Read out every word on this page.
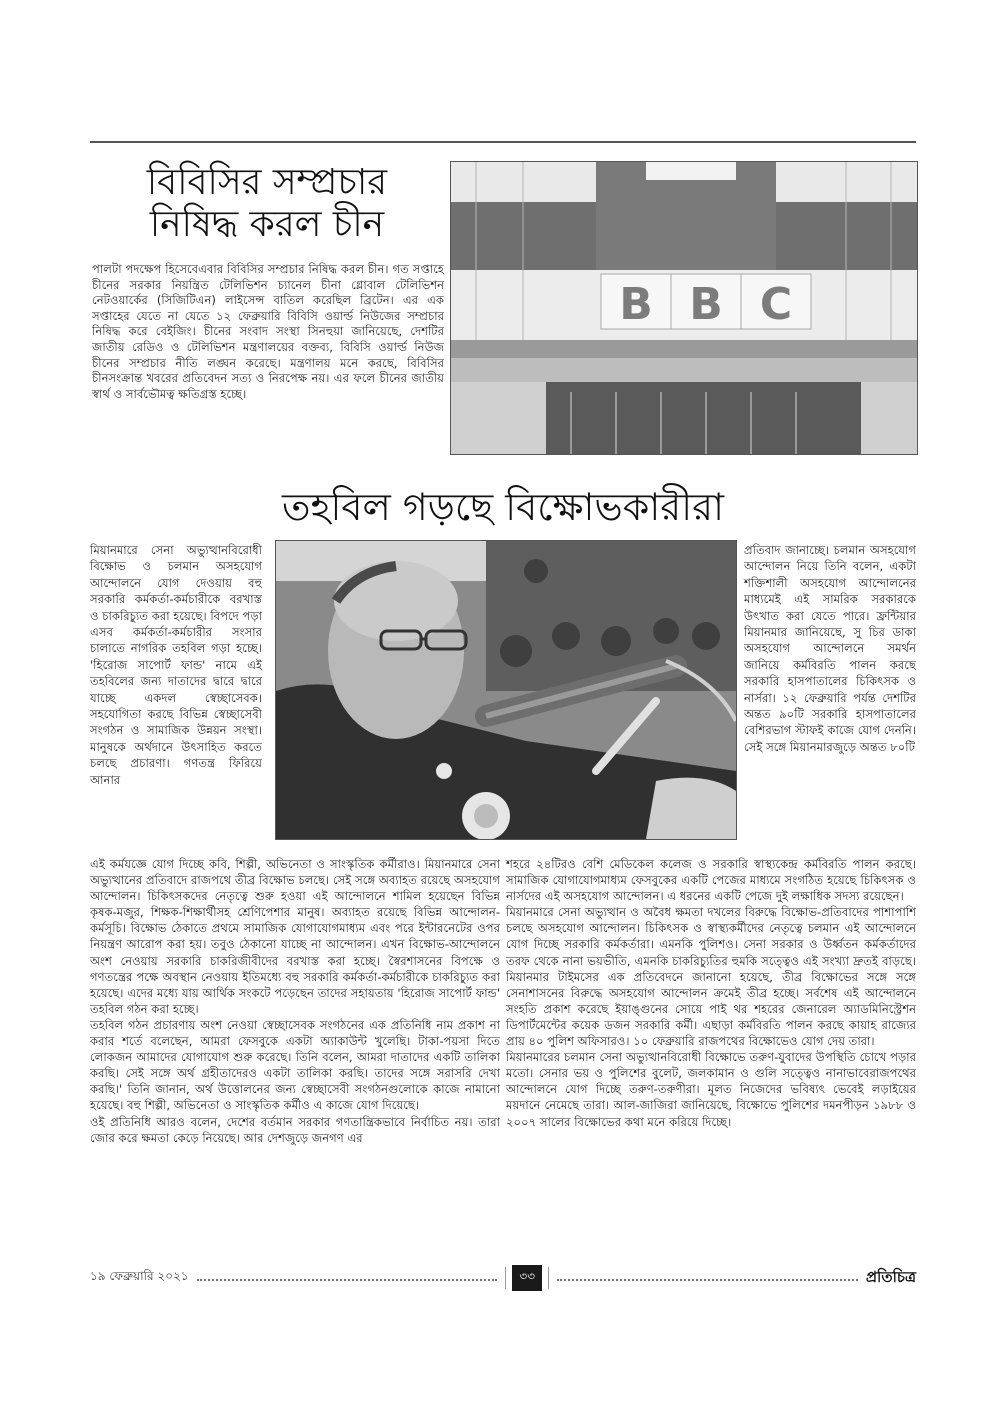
বিবিসির সম্প্রচার
নিষিদ্ধ করল চীন
পালটা পদক্ষেপ হিসেবেএবার বিবিসির সম্প্রচার নিষিদ্ধ করল চীন। গত সপ্তাহে চীনের সরকার নিয়ন্ত্রিত টেলিভিশন চ্যানেল চীনা গ্লোবাল টেলিভিশন নেটওয়ার্কের (সিজিটিএন) লাইসেন্স বাতিল করেছিল ব্রিটেন। এর এক সপ্তাহের যেতে না যেতে ১২ ফেব্রুয়ারি বিবিসি ওয়ার্ল্ড নিউজের সম্প্রচার নিষিদ্ধ করে বেইজিং। চীনের সংবাদ সংস্থা সিনহুয়া জানিয়েছে, দেশটির জাতীয় রেডিও ও টেলিভিশন মন্ত্রণালয়ের বক্তব্য, বিবিসি ওয়ার্ল্ড নিউজ চীনের সম্প্রচার নীতি লঙ্ঘন করেছে। মন্ত্রণালয় মনে করছে, বিবিসির চীনসংক্রান্ত খবরের প্রতিবেদন সত্য ও নিরপেক্ষ নয়। এর ফলে চীনের জাতীয় স্বার্থ ও সার্বভৌমত্ব ক্ষতিগ্রস্ত হচ্ছে।
B B C
তহবিল গড়ছে বিক্ষোভকারীরা
মিয়ানমারে সেনা অভ্যুত্থানবিরোধী বিক্ষোভ ও চলমান অসহযোগ আন্দোলনে যোগ দেওয়ায় বহু সরকারি কর্মকর্তা-কর্মচারীকে বরখাস্ত ও চাকরিচ্যুত করা হয়েছে। বিপদে পড়া এসব কর্মকর্তা-কর্মচারীর সংসার চালাতে নাগরিক তহবিল গড়া হচ্ছে। 'হিরোজ সাপোর্ট ফান্ড' নামে এই তহবিলের জন্য দাতাদের দ্বারে দ্বারে যাচ্ছে একদল স্বেচ্ছাসেবক। সহযোগিতা করছে বিভিন্ন স্বেচ্ছাসেবী সংগঠন ও সামাজিক উন্নয়ন সংস্থা। মানুষকে অর্থদানে উৎসাহিত করতে চলছে প্রচারণা। গণতন্ত্র ফিরিয়ে আনার
প্রতিবাদ জানাচ্ছে। চলমান অসহযোগ আন্দোলন নিয়ে তিনি বলেন, একটা শক্তিশালী অসহযোগ আন্দোলনের মাধ্যমেই এই সামরিক সরকারকে উৎখাত করা যেতে পারে। ফ্রন্টিয়ার মিয়ানমার জানিয়েছে, সু চির ডাকা অসহযোগ আন্দোলনে সমর্থন জানিয়ে কর্মবিরতি পালন করছে সরকারি হাসপাতালের চিকিৎসক ও নার্সরা। ১২ ফেব্রুয়ারি পর্যন্ত দেশটির অন্তত ৯০টি সরকারি হাসপাতালের বেশিরভাগ স্টাফই কাজে যোগ দেননি। সেই সঙ্গে মিয়ানমারজুড়ে অন্তত ৮০টি

এই কর্মযজ্ঞে যোগ দিচ্ছে কবি, শিল্পী, অভিনেতা ও সাংস্কৃতিক কর্মীরাও। মিয়ানমারে সেনা অভ্যুত্থানের প্রতিবাদে রাজপথে তীব্র বিক্ষোভ চলছে। সেই সঙ্গে অব্যাহত রয়েছে অসহযোগ আন্দোলন। চিকিৎসকদের নেতৃত্বে শুরু হওয়া এই আন্দোলনে শামিল হয়েছেন বিভিন্ন কৃষক-মজুর, শিক্ষক-শিক্ষার্থীসহ শ্রেণিপেশার মানুষ। অব্যাহত রয়েছে বিভিন্ন আন্দোলন-কর্মসূচি। বিক্ষোভ ঠেকাতে প্রথমে সামাজিক যোগাযোগমাধ্যম এবং পরে ইন্টারনেটের ওপর নিয়ন্ত্রণ আরোপ করা হয়। তবুও ঠেকানো যাচ্ছে না আন্দোলন। এখন বিক্ষোভ-আন্দোলনে অংশ নেওয়ায় সরকারি চাকরিজীবীদের বরখাস্ত করা হচ্ছে। স্বৈরশাসনের বিপক্ষে ও গণতন্ত্রের পক্ষে অবস্থান নেওয়ায় ইতিমধ্যে বহু সরকারি কর্মকর্তা-কর্মচারীকে চাকরিচ্যুত করা হয়েছে। এদের মধ্যে যায় আর্থিক সংকটে পড়েছেন তাদের সহায়তায় 'হিরোজ সাপোর্ট ফান্ড' তহবিল গঠন করা হচ্ছে।

তহবিল গঠন প্রচারণায় অংশ নেওয়া স্বেচ্ছাসেবক সংগঠনের এক প্রতিনিধি নাম প্রকাশ না করার শর্তে বলেছেন, আমরা ফেসবুকে একটা অ্যাকাউন্ট খুলেছি। টাকা-পয়সা দিতে লোকজন আমাদের যোগাযোগ শুরু করেছে। তিনি বলেন, আমরা দাতাদের একটি তালিকা করছি। সেই সঙ্গে অর্থ গ্রহীতাদেরও একটা তালিকা করছি। তাদের সঙ্গে সরাসরি দেখা করছি।' তিনি জানান, অর্থ উত্তোলনের জন্য স্বেচ্ছাসেবী সংগঠনগুলোকে কাজে নামানো হয়েছে। বহু শিল্পী, অভিনেতা ও সাংস্কৃতিক কর্মীও এ কাজে যোগ দিয়েছে।

ওই প্রতিনিধি আরও বলেন, দেশের বর্তমান সরকার গণতান্ত্রিকভাবে নির্বাচিত নয়। তারা জোর করে ক্ষমতা কেড়ে নিয়েছে। আর দেশজুড়ে জনগণ এর

শহরে ২৪টিরও বেশি মেডিকেল কলেজ ও সরকারি স্বাস্থ্যকেন্দ্র কর্মবিরতি পালন করছে। সামাজিক যোগাযোগমাধ্যম ফেসবুকের একটি পেজের মাধ্যমে সংগঠিত হয়েছে চিকিৎসক ও নার্সদের এই অসহযোগ আন্দোলন। এ ধরনের একটি পেজে দুই লক্ষাধিক সদস্য রয়েছেন।

মিয়ানমারে সেনা অভ্যুত্থান ও অবৈধ ক্ষমতা দখলের বিরুদ্ধে বিক্ষোভ-প্রতিবাদের পাশাপাশি চলছে অসহযোগ আন্দোলন। চিকিৎসক ও স্বাস্থ্যকর্মীদের নেতৃত্বে চলমান এই আন্দোলনে যোগ দিচ্ছে সরকারি কর্মকর্তারা। এমনকি পুলিশও। সেনা সরকার ও উর্ধ্বতন কর্মকর্তাদের তরফ থেকে নানা ভয়ভীতি, এমনকি চাকরিচ্যুতির হুমকি সত্ত্বেও এই সংখ্যা দ্রুতই বাড়ছে। মিয়ানমার টাইমসের এক প্রতিবেদনে জানানো হয়েছে, তীব্র বিক্ষোভের সঙ্গে সঙ্গে সেনাশাসনের বিরুদ্ধে অসহযোগ আন্দোলন ক্রমেই তীব্র হচ্ছে। সর্বশেষ এই আন্দোলনে সংহতি প্রকাশ করেছে ইয়াঙ্গুনের সোয়ে পাই থর শহরের জেনারেল অ্যাডমিনিস্ট্রেশন ডিপার্টমেন্টের কয়েক ডজন সরকারি কর্মী। এছাড়া কর্মবিরতি পালন করছে কায়াহ রাজ্যের প্রায় ৪০ পুলিশ অফিসারও। ১০ ফেব্রুয়ারি রাজপথের বিক্ষোভেও যোগ দেয় তারা।

মিয়ানমারের চলমান সেনা অভ্যুত্থানবিরোধী বিক্ষোভে তরুণ-যুবাদের উপস্থিতি চোখে পড়ার মতো। সেনার ভয় ও পুলিশের বুলেট, জলকামান ও গুলি সত্ত্বেও নানাভাবেরাজপথের আন্দোলনে যোগ দিচ্ছে তরুণ-তরুণীরা। মূলত নিজেদের ভবিষ্যৎ ভেবেই লড়াইয়ের ময়দানে নেমেছে তারা। আল-জাজিরা জানিয়েছে, বিক্ষোভে পুলিশের দমনপীড়ন ১৯৮৮ ও ২০০৭ সালের বিক্ষোভের কথা মনে করিয়ে দিচ্ছে।

১৯ ফেব্রুয়ারি ২০২১	৩৩	প্রতিচিত্র
